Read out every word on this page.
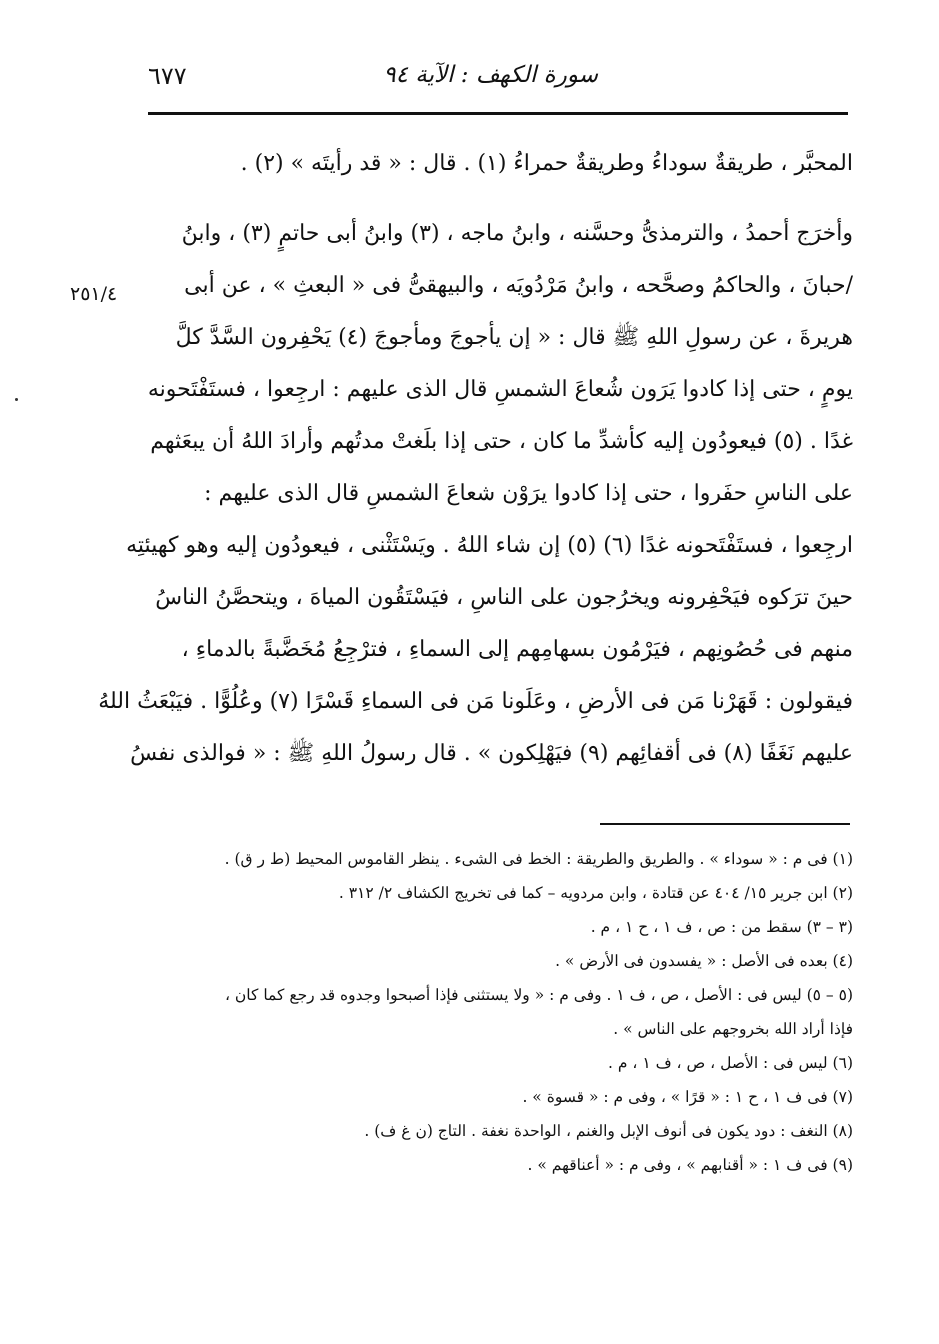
٦٧٧	سورة الكهف : الآية ٩٤
٢٥١/٤
المحبَّر ، طريقةٌ سوداءُ وطريقةٌ حمراءُ (١) . قال : « قد رأيتَه » (٢) .
وأخرَج أحمدُ ، والترمذىُّ وحسَّنه ، وابنُ ماجه ، (٣) وابنُ أبى حاتمٍ (٣) ، وابنُ
/حبانَ ، والحاكمُ وصحَّحه ، وابنُ مَرْدُويَه ، والبيهقىُّ فى « البعثِ » ، عن أبى
هريرةَ ، عن رسولِ اللهِ ﷺ قال : « إن يأجوجَ ومأجوجَ (٤) يَحْفِرون السَّدَّ كلَّ
يومٍ ، حتى إذا كادوا يَرَون شُعاعَ الشمسِ قال الذى عليهم : ارجِعوا ، فستَفْتَحونه
غدًا . (٥) فيعودُون إليه كأشدِّ ما كان ، حتى إذا بلَغتْ مدتُهم وأرادَ اللهُ أن يبعَثهم
على الناسِ حفَروا ، حتى إذا كادوا يرَوْن شعاعَ الشمسِ قال الذى عليهم :
ارجِعوا ، فستَفْتَحونه غدًا (٦) (٥) إن شاء اللهُ . ويَسْتَثْنى ، فيعودُون إليه وهو كهيئتِه
حينَ ترَكوه فيَحْفِرونه ويخرُجون على الناسِ ، فيَسْتَقُون المياهَ ، ويتحصَّنُ الناسُ
منهم فى حُصُونِهم ، فيَرْمُون بسهامِهم إلى السماءِ ، فترْجِعُ مُخَضَّبةً بالدماءِ ،
فيقولون : قَهَرْنا مَن فى الأرضِ ، وعَلَونا مَن فى السماءِ قَسْرًا (٧) وعُلُوًّا . فيَبْعَثُ اللهُ
عليهم نَغَفًا (٨) فى أقفائِهم (٩) فيَهْلِكون » . قال رسولُ اللهِ ﷺ : « فوالذى نفسُ
(١) فى م : « سوداء » . والطريق والطريقة : الخط فى الشىء . ينظر القاموس المحيط (ط ر ق) .
(٢) ابن جرير ١٥/ ٤٠٤ عن قتادة ، وابن مردويه – كما فى تخريج الكشاف ٢/ ٣١٢ .
(٣ – ٣) سقط من : ص ، ف ١ ، ح ١ ، م .
(٤) بعده فى الأصل : « يفسدون فى الأرض » .
(٥ – ٥) ليس فى : الأصل ، ص ، ف ١ . وفى م : « ولا يستثنى فإذا أصبحوا وجدوه قد رجع كما كان ،
فإذا أراد الله بخروجهم على الناس » .
(٦) ليس فى : الأصل ، ص ، ف ١ ، م .
(٧) فى ف ١ ، ح ١ : « قرًا » ، وفى م : « قسوة » .
(٨) النغف : دود يكون فى أنوف الإبل والغنم ، الواحدة نغفة . التاج (ن غ ف) .
(٩) فى ف ١ : « أقنابهم » ، وفى م : « أعناقهم » .
